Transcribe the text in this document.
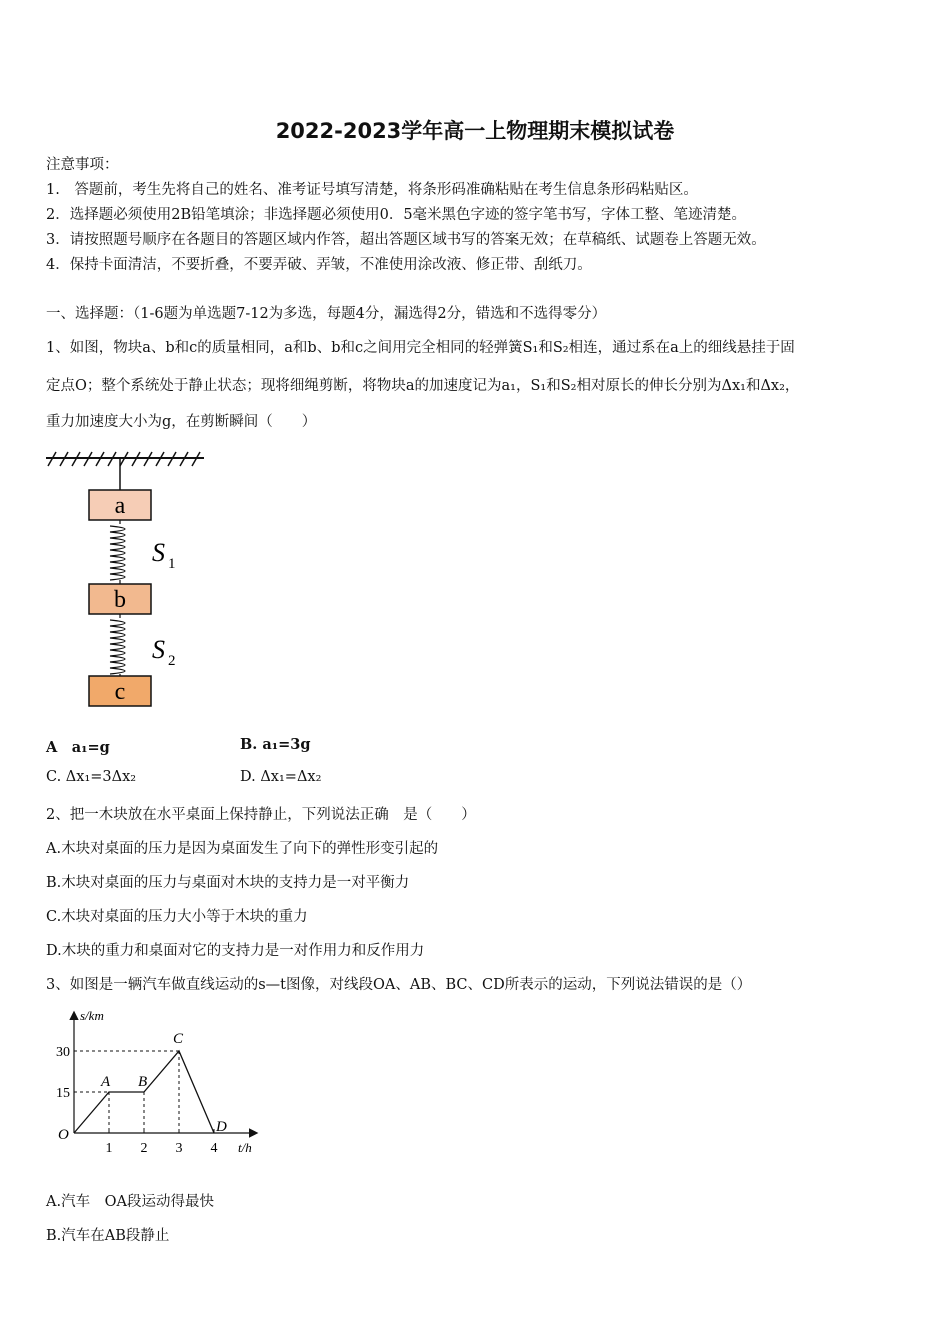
2022-2023学年高一上物理期末模拟试卷
注意事项：
1.　答题前，考生先将自己的姓名、准考证号填写清楚，将条形码准确粘贴在考生信息条形码粘贴区。
2．选择题必须使用2B铅笔填涂；非选择题必须使用0．5毫米黑色字迹的签字笔书写，字体工整、笔迹清楚。
3．请按照题号顺序在各题目的答题区域内作答，超出答题区域书写的答案无效；在草稿纸、试题卷上答题无效。
4．保持卡面清洁，不要折叠，不要弄破、弄皱，不准使用涂改液、修正带、刮纸刀。
一、选择题：（1-6题为单选题7-12为多选，每题4分，漏选得2分，错选和不选得零分）
1、如图，物块a、b和c的质量相同，a和b、b和c之间用完全相同的轻弹簧S₁和S₂相连，通过系在a上的细线悬挂于固
定点O；整个系统处于静止状态；现将细绳剪断，将物块a的加速度记为a₁，S₁和S₂相对原长的伸长分别为Δx₁和Δx₂，
重力加速度大小为g，在剪断瞬间（　　）
a
S 1
b
S 2
c
A　a₁=g	B. a₁=3g
C. Δx₁=3Δx₂	D. Δx₁=Δx₂
2、把一木块放在水平桌面上保持静止，下列说法正确　是（　　）
A.木块对桌面的压力是因为桌面发生了向下的弹性形变引起的
B.木块对桌面的压力与桌面对木块的支持力是一对平衡力
C.木块对桌面的压力大小等于木块的重力
D.木块的重力和桌面对它的支持力是一对作用力和反作用力
3、如图是一辆汽车做直线运动的s—t图像，对线段OA、AB、BC、CD所表示的运动，下列说法错误的是（）
s/km
t/h
15
30
1 2 3 4
O
A B
C
D
A.汽车　OA段运动得最快
B.汽车在AB段静止
